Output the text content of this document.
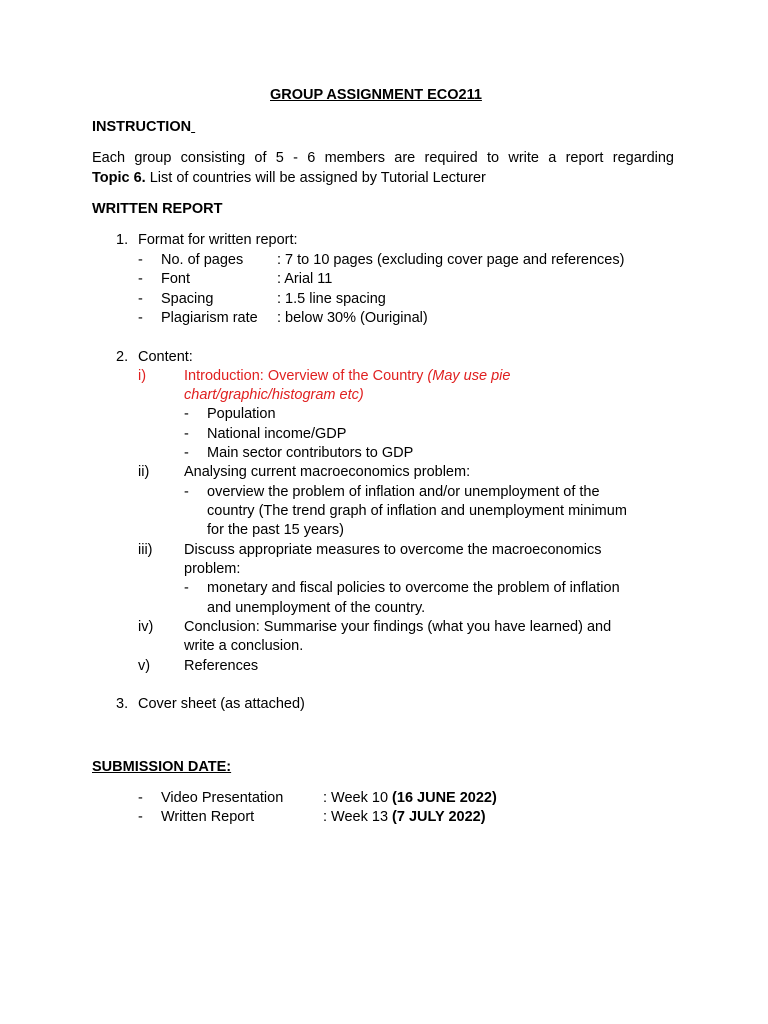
GROUP ASSIGNMENT ECO211
INSTRUCTION
Each group consisting of 5 - 6 members are required to write a report regarding
Topic 6. List of countries will be assigned by Tutorial Lecturer
WRITTEN REPORT
1. Format for written report:
- No. of pages : 7 to 10 pages (excluding cover page and references)
- Font	: Arial 11
- Spacing	: 1.5 line spacing
- Plagiarism rate : below 30% (Ouriginal)
2. Content:
i)	Introduction: Overview of the Country (May use pie
chart/graphic/histogram etc)
- Population
- National income/GDP
- Main sector contributors to GDP
ii) Analysing current macroeconomics problem:
- overview the problem of inflation and/or unemployment of the
country (The trend graph of inflation and unemployment minimum
for the past 15 years)
iii) Discuss appropriate measures to overcome the macroeconomics
problem:
- monetary and fiscal policies to overcome the problem of inflation
and unemployment of the country.
iv) Conclusion: Summarise your findings (what you have learned) and
write a conclusion.
v) References
3. Cover sheet (as attached)
SUBMISSION DATE:
- Video Presentation	: Week 10 (16 JUNE 2022)
- Written Report	: Week 13 (7 JULY 2022)
